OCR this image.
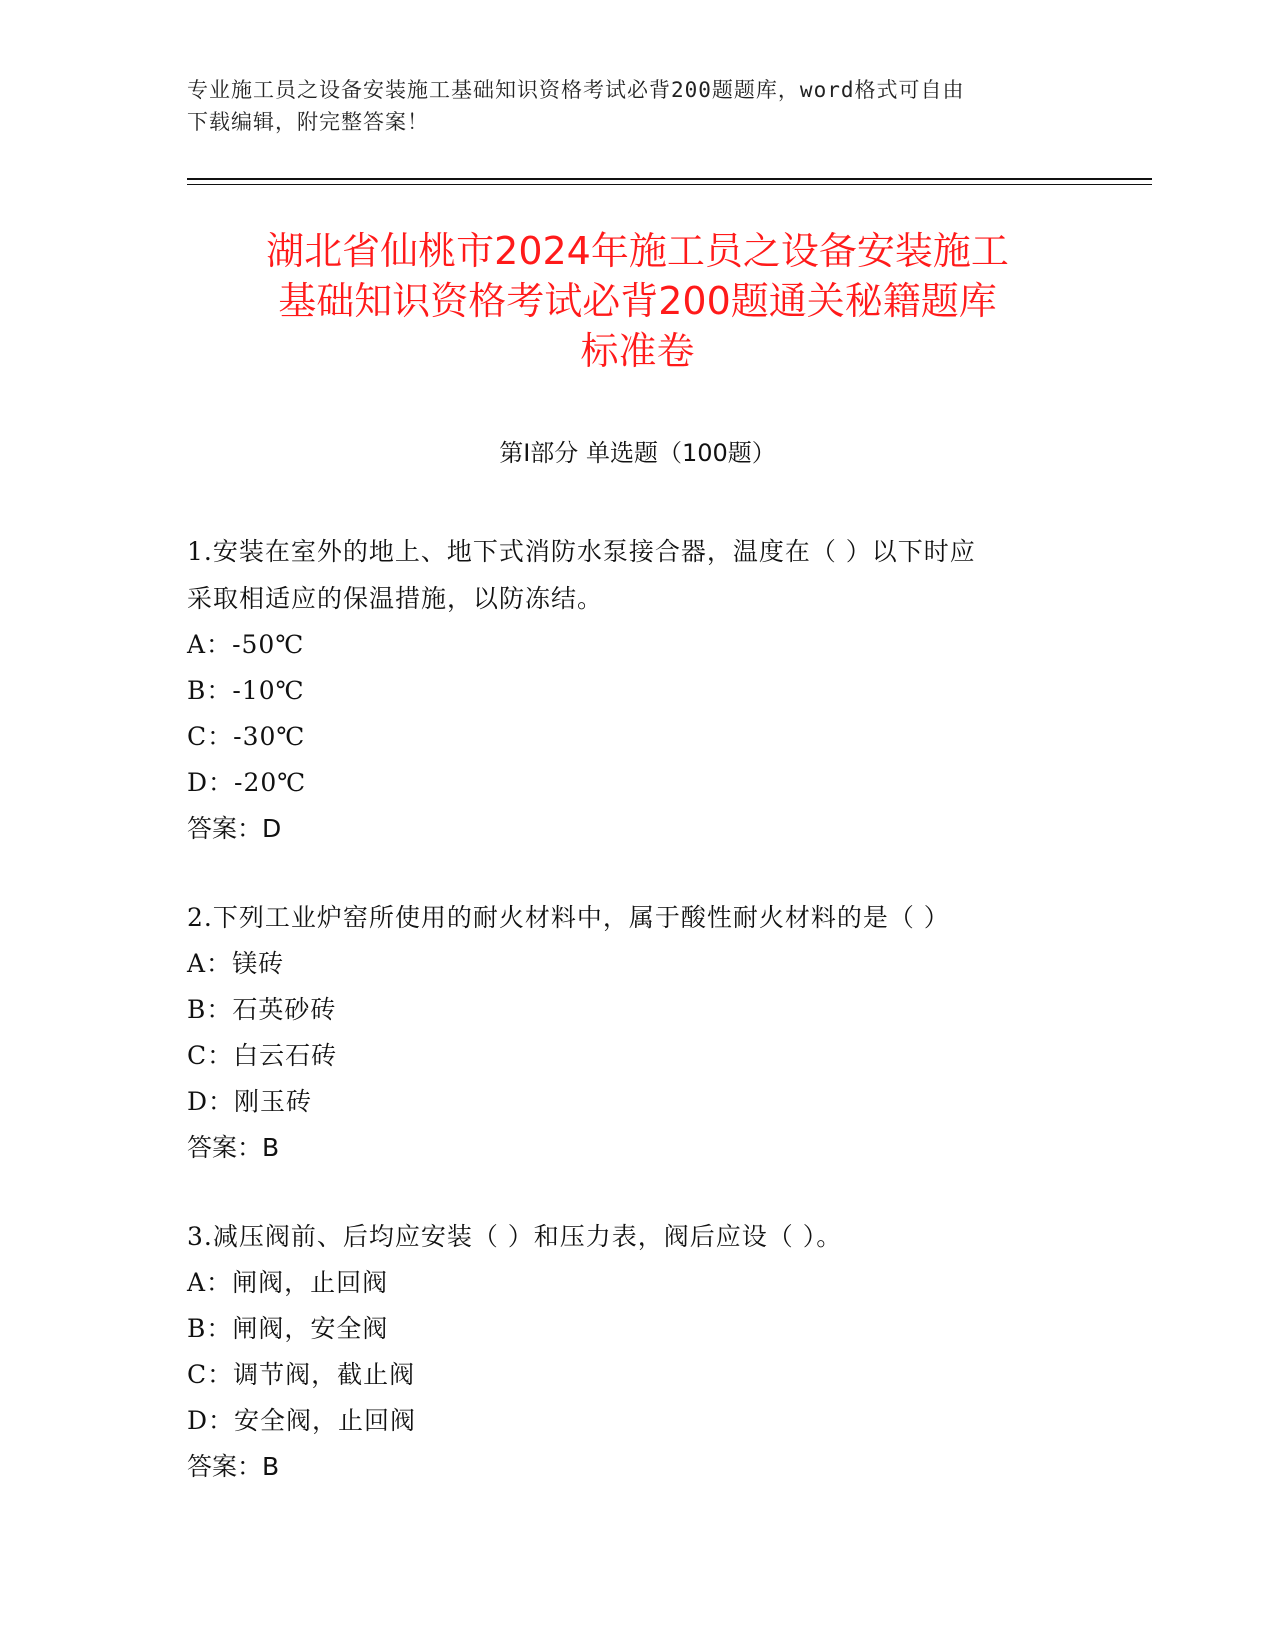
专业施工员之设备安装施工基础知识资格考试必背200题题库，word格式可自由
下载编辑，附完整答案！
湖北省仙桃市2024年施工员之设备安装施工
基础知识资格考试必背200题通关秘籍题库
标准卷
第I部分 单选题（100题）

1.安装在室外的地上、地下式消防水泵接合器，温度在（ ）以下时应
采取相适应的保温措施，以防冻结。

A：-50℃

B：-10℃

C：-30℃

D：-20℃

答案：D

2.下列工业炉窑所使用的耐火材料中，属于酸性耐火材料的是（ ）

A：镁砖

B：石英砂砖

C：白云石砖

D：刚玉砖

答案：B

3.减压阀前、后均应安装（ ）和压力表，阀后应设（ ）。

A：闸阀，止回阀

B：闸阀，安全阀

C：调节阀，截止阀

D：安全阀，止回阀

答案：B
